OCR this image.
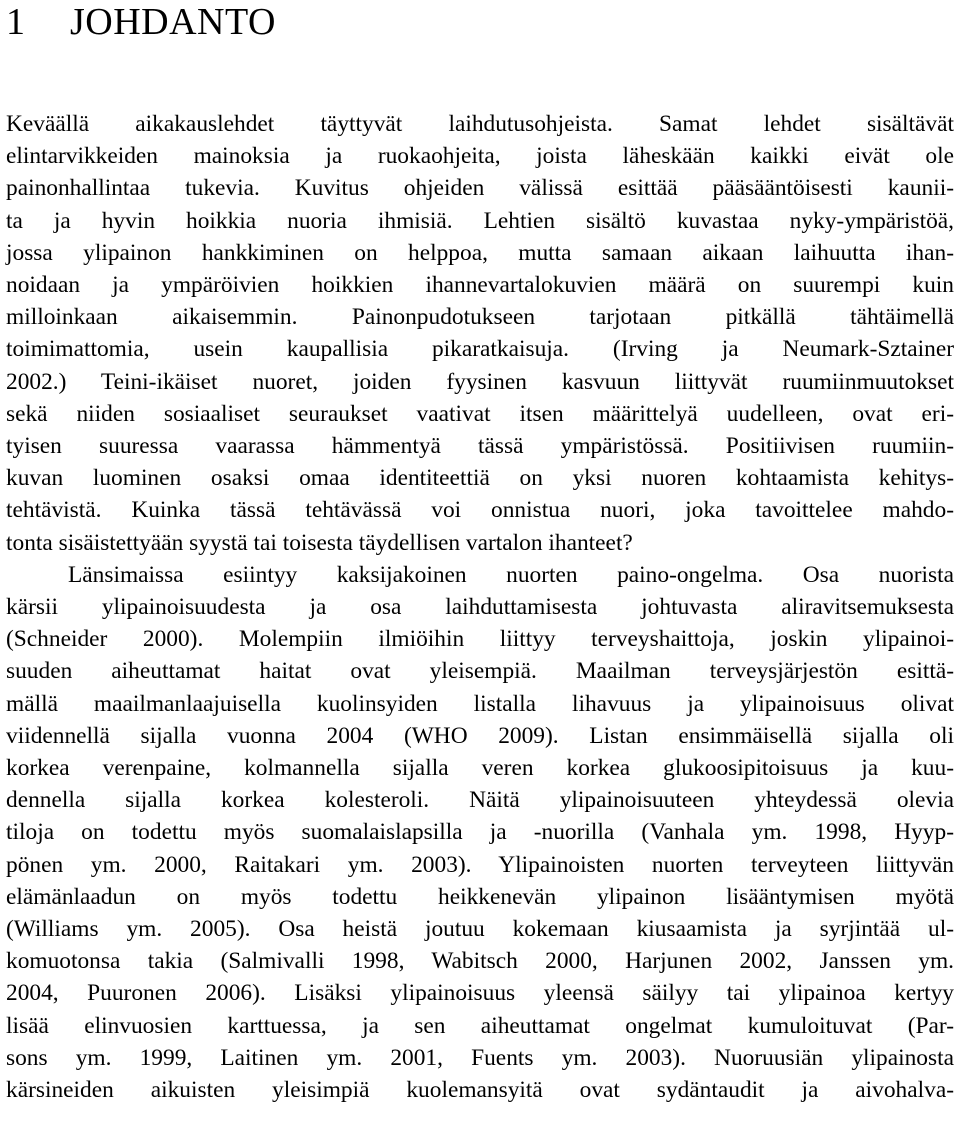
1 JOHDANTO

Keväällä aikakauslehdet täyttyvät laihdutusohjeista. Samat lehdet sisältävät
elintarvikkeiden mainoksia ja ruokaohjeita, joista läheskään kaikki eivät ole
painonhallintaa tukevia. Kuvitus ohjeiden välissä esittää pääsääntöisesti kaunii-
ta ja hyvin hoikkia nuoria ihmisiä. Lehtien sisältö kuvastaa nyky-ympäristöä,
jossa ylipainon hankkiminen on helppoa, mutta samaan aikaan laihuutta ihan-
noidaan ja ympäröivien hoikkien ihannevartalokuvien määrä on suurempi kuin
milloinkaan aikaisemmin. Painonpudotukseen tarjotaan pitkällä tähtäimellä
toimimattomia, usein kaupallisia pikaratkaisuja. (Irving ja Neumark-Sztainer
2002.) Teini-ikäiset nuoret, joiden fyysinen kasvuun liittyvät ruumiinmuutokset
sekä niiden sosiaaliset seuraukset vaativat itsen määrittelyä uudelleen, ovat eri-
tyisen suuressa vaarassa hämmentyä tässä ympäristössä. Positiivisen ruumiin-
kuvan luominen osaksi omaa identiteettiä on yksi nuoren kohtaamista kehitys-
tehtävistä. Kuinka tässä tehtävässä voi onnistua nuori, joka tavoittelee mahdo-
tonta sisäistettyään syystä tai toisesta täydellisen vartalon ihanteet?

Länsimaissa esiintyy kaksijakoinen nuorten paino-ongelma. Osa nuorista
kärsii ylipainoisuudesta ja osa laihduttamisesta johtuvasta aliravitsemuksesta
(Schneider 2000). Molempiin ilmiöihin liittyy terveyshaittoja, joskin ylipainoi-
suuden aiheuttamat haitat ovat yleisempiä. Maailman terveysjärjestön esittä-
mällä maailmanlaajuisella kuolinsyiden listalla lihavuus ja ylipainoisuus olivat
viidennellä sijalla vuonna 2004 (WHO 2009). Listan ensimmäisellä sijalla oli
korkea verenpaine, kolmannella sijalla veren korkea glukoosipitoisuus ja kuu-
dennella sijalla korkea kolesteroli. Näitä ylipainoisuuteen yhteydessä olevia
tiloja on todettu myös suomalaislapsilla ja -nuorilla (Vanhala ym. 1998, Hyyp-
pönen ym. 2000, Raitakari ym. 2003). Ylipainoisten nuorten terveyteen liittyvän
elämänlaadun on myös todettu heikkenevän ylipainon lisääntymisen myötä
(Williams ym. 2005). Osa heistä joutuu kokemaan kiusaamista ja syrjintää ul-
komuotonsa takia (Salmivalli 1998, Wabitsch 2000, Harjunen 2002, Janssen ym.
2004, Puuronen 2006). Lisäksi ylipainoisuus yleensä säilyy tai ylipainoa kertyy
lisää elinvuosien karttuessa, ja sen aiheuttamat ongelmat kumuloituvat (Par-
sons ym. 1999, Laitinen ym. 2001, Fuents ym. 2003). Nuoruusiän ylipainosta
kärsineiden aikuisten yleisimpiä kuolemansyitä ovat sydäntaudit ja aivohalva-
